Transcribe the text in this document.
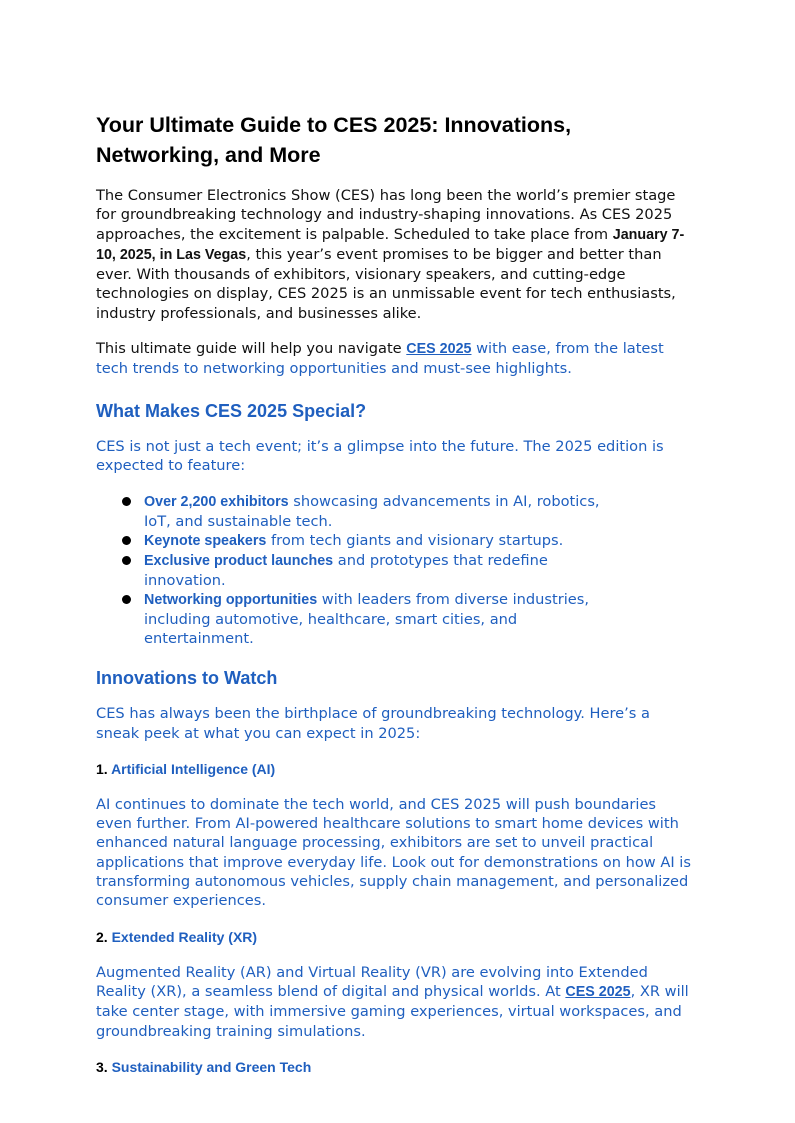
Your Ultimate Guide to CES 2025: Innovations, Networking, and More

The Consumer Electronics Show (CES) has long been the world’s premier stage for groundbreaking technology and industry-shaping innovations. As CES 2025 approaches, the excitement is palpable. Scheduled to take place from January 7-10, 2025, in Las Vegas, this year’s event promises to be bigger and better than ever. With thousands of exhibitors, visionary speakers, and cutting-edge technologies on display, CES 2025 is an unmissable event for tech enthusiasts, industry professionals, and businesses alike.

This ultimate guide will help you navigate CES 2025 with ease, from the latest tech trends to networking opportunities and must-see highlights.

What Makes CES 2025 Special?

CES is not just a tech event; it’s a glimpse into the future. The 2025 edition is expected to feature:

Over 2,200 exhibitors showcasing advancements in AI, robotics, IoT, and sustainable tech.
Keynote speakers from tech giants and visionary startups.
Exclusive product launches and prototypes that redefine innovation.
Networking opportunities with leaders from diverse industries, including automotive, healthcare, smart cities, and entertainment.
Innovations to Watch

CES has always been the birthplace of groundbreaking technology. Here’s a sneak peek at what you can expect in 2025:

1. Artificial Intelligence (AI)

AI continues to dominate the tech world, and CES 2025 will push boundaries even further. From AI-powered healthcare solutions to smart home devices with enhanced natural language processing, exhibitors are set to unveil practical applications that improve everyday life. Look out for demonstrations on how AI is transforming autonomous vehicles, supply chain management, and personalized consumer experiences.

2. Extended Reality (XR)

Augmented Reality (AR) and Virtual Reality (VR) are evolving into Extended Reality (XR), a seamless blend of digital and physical worlds. At CES 2025, XR will take center stage, with immersive gaming experiences, virtual workspaces, and groundbreaking training simulations.

3. Sustainability and Green Tech
